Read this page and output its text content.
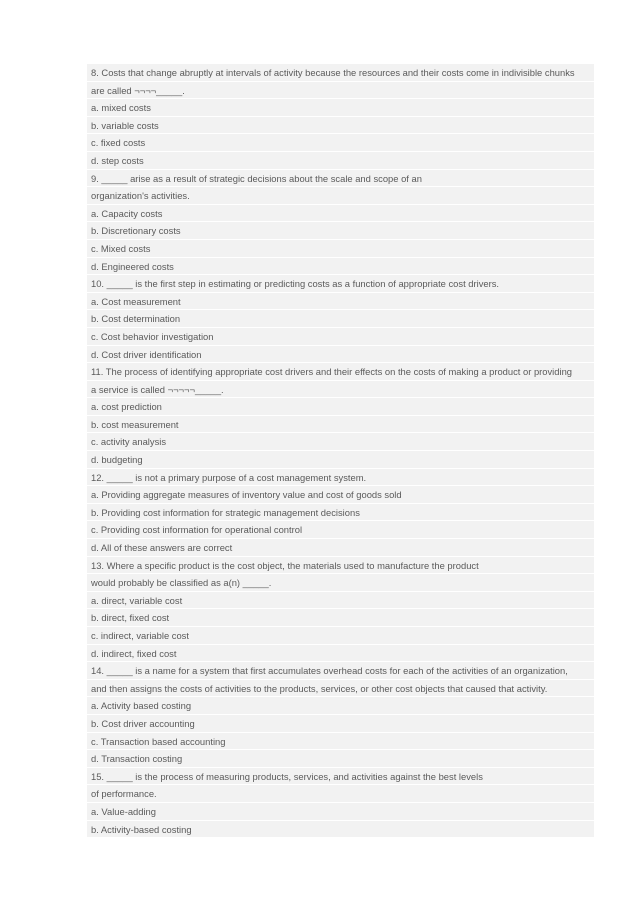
8. Costs that change abruptly at intervals of activity because the resources and their costs come in indivisible chunks
are called ¬¬¬¬_____.
a. mixed costs
b. variable costs
c. fixed costs
d. step costs
9. _____ arise as a result of strategic decisions about the scale and scope of an
organization's activities.
a. Capacity costs
b. Discretionary costs
c. Mixed costs
d. Engineered costs
10. _____ is the first step in estimating or predicting costs as a function of appropriate cost drivers.
a. Cost measurement
b. Cost determination
c. Cost behavior investigation
d. Cost driver identification
11. The process of identifying appropriate cost drivers and their effects on the costs of making a product or providing
a service is called ¬¬¬¬¬_____.
a. cost prediction
b. cost measurement
c. activity analysis
d. budgeting
12. _____ is not a primary purpose of a cost management system.
a. Providing aggregate measures of inventory value and cost of goods sold
b. Providing cost information for strategic management decisions
c. Providing cost information for operational control
d. All of these answers are correct
13. Where a specific product is the cost object, the materials used to manufacture the product
would probably be classified as a(n) _____.
a. direct, variable cost
b. direct, fixed cost
c. indirect, variable cost
d. indirect, fixed cost
14. _____ is a name for a system that first accumulates overhead costs for each of the activities of an organization,
and then assigns the costs of activities to the products, services, or other cost objects that caused that activity.
a. Activity based costing
b. Cost driver accounting
c. Transaction based accounting
d. Transaction costing
15. _____ is the process of measuring products, services, and activities against the best levels
of performance.
a. Value-adding
b. Activity-based costing
